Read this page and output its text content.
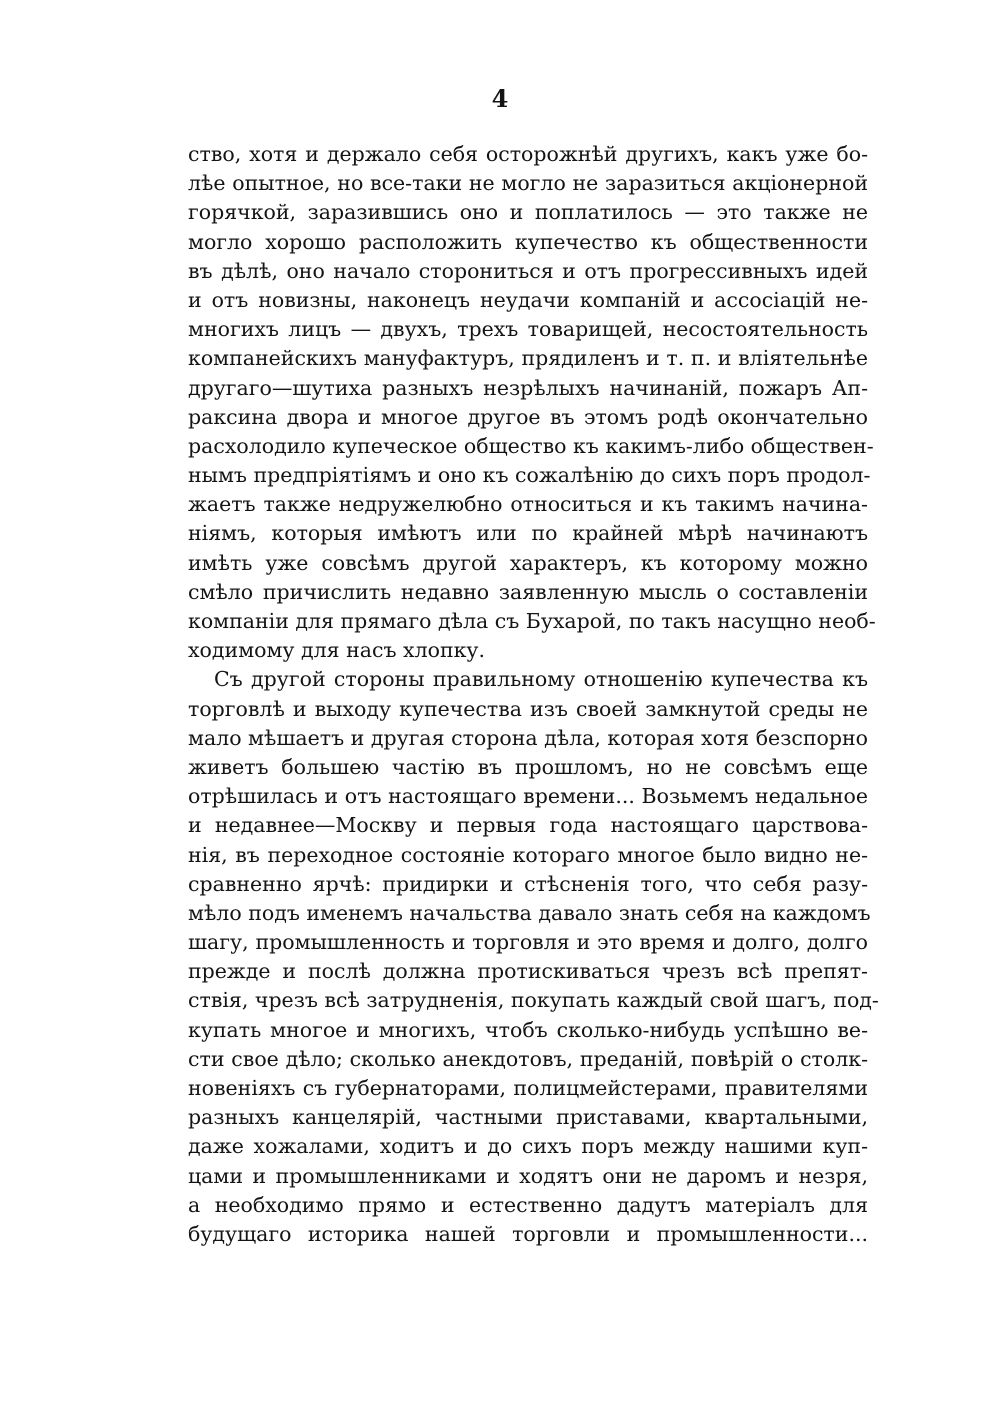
4

ство, хотя и держало себя осторожнѣй другихъ, какъ уже бо-
лѣе опытное, но все-таки не могло не заразиться акціонерной
горячкой, заразившись оно и поплатилось — это также не
могло хорошо расположить купечество къ общественности
въ дѣлѣ, оно начало сторониться и отъ прогрессивныхъ идей
и отъ новизны, наконецъ неудачи компаній и ассосіацій не-
многихъ лицъ — двухъ, трехъ товарищей, несостоятельность
компанейскихъ мануфактуръ, прядиленъ и т. п. и вліятельнѣе
другаго—шутиха разныхъ незрѣлыхъ начинаній, пожаръ Ап-
раксина двора и многое другое въ этомъ родѣ окончательно
расхолодило купеческое общество къ какимъ-либо обществен-
нымъ предпріятіямъ и оно къ сожалѣнію до сихъ поръ продол-
жаетъ также недружелюбно относиться и къ такимъ начина-
ніямъ, которыя имѣютъ или по крайней мѣрѣ начинаютъ
имѣть уже совсѣмъ другой характеръ, къ которому можно
смѣло причислить недавно заявленную мысль о составленіи
компаніи для прямаго дѣла съ Бухарой, по такъ насущно необ-
ходимому для насъ хлопку.

Съ другой стороны правильному отношенію купечества къ
торговлѣ и выходу купечества изъ своей замкнутой среды не
мало мѣшаетъ и другая сторона дѣла, которая хотя безспорно
живетъ большею частію въ прошломъ, но не совсѣмъ еще
отрѣшилась и отъ настоящаго времени... Возьмемъ недальное
и недавнее—Москву и первыя года настоящаго царствова-
нія, въ переходное состояніе котораго многое было видно не-
сравненно ярчѣ: придирки и стѣсненія того, что себя разу-
мѣло подъ именемъ начальства давало знать себя на каждомъ
шагу, промышленность и торговля и это время и долго, долго
прежде и послѣ должна протискиваться чрезъ всѣ препят-
ствія, чрезъ всѣ затрудненія, покупать каждый свой шагъ, под-
купать многое и многихъ, чтобъ сколько-нибудь успѣшно ве-
сти свое дѣло; сколько анекдотовъ, преданій, повѣрій о столк-
новеніяхъ съ губернаторами, полицмейстерами, правителями
разныхъ канцелярій, частными приставами, квартальными,
даже хожалами, ходитъ и до сихъ поръ между нашими куп-
цами и промышленниками и ходятъ они не даромъ и незря,
а необходимо прямо и естественно дадутъ матеріалъ для
будущаго историка нашей торговли и промышленности...
